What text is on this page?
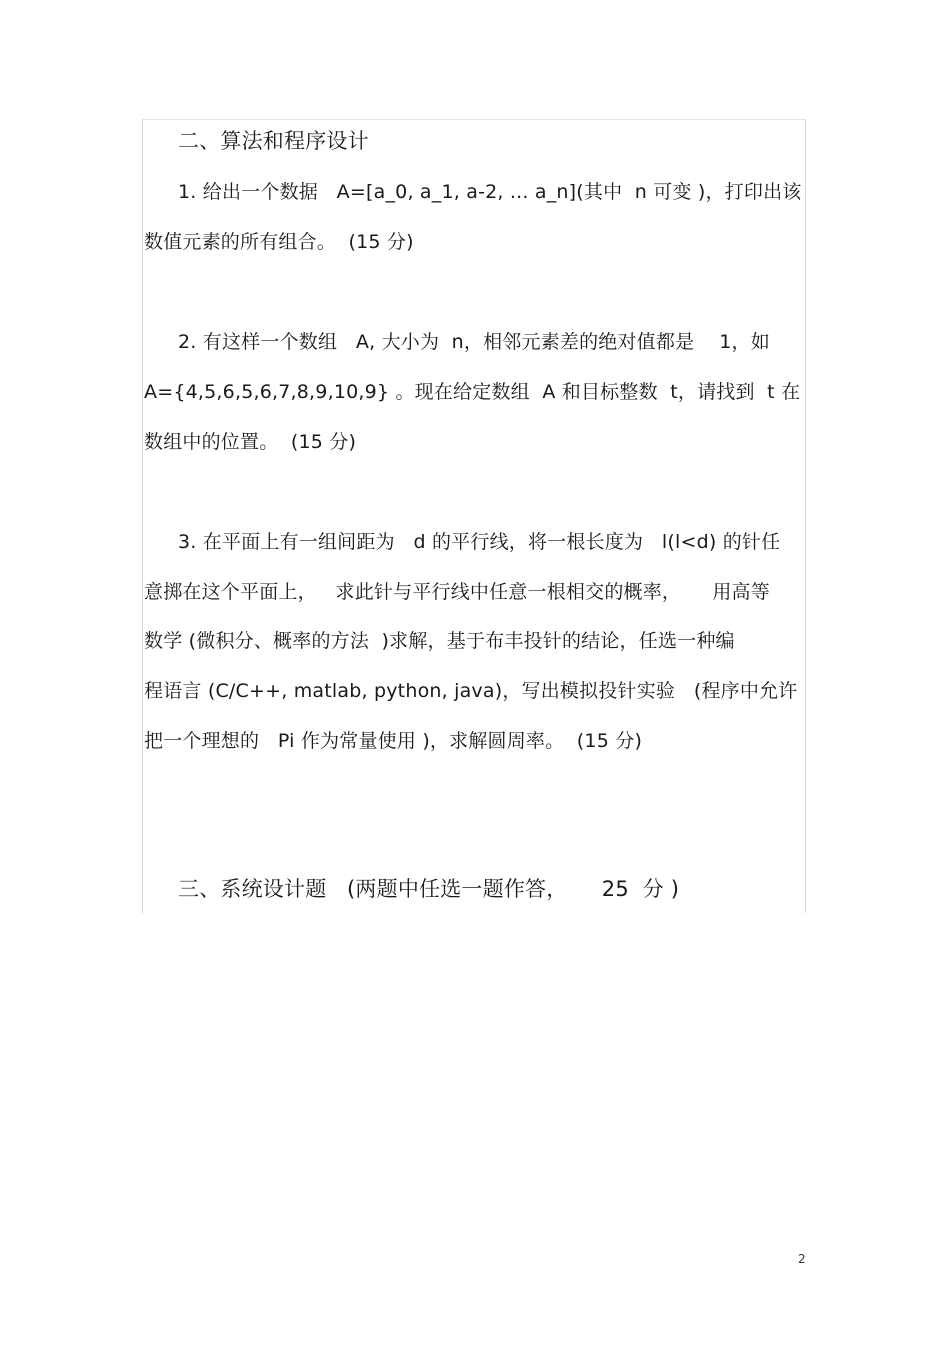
二、算法和程序设计
1. 给出一个数据   A=[a_0, a_1, a-2, ... a_n](其中  n 可变 )，打印出该
数值元素的所有组合。  (15 分)
2. 有这样一个数组   A, 大小为  n，相邻元素差的绝对值都是    1，如
A={4,5,6,5,6,7,8,9,10,9} 。现在给定数组  A 和目标整数  t，请找到  t 在
数组中的位置。  (15 分)
3. 在平面上有一组间距为   d 的平行线，将一根长度为   l(l<d) 的针任
意掷在这个平面上，   求此针与平行线中任意一根相交的概率，     用高等
数学 (微积分、概率的方法  )求解，基于布丰投针的结论，任选一种编
程语言 (C/C++, matlab, python, java)，写出模拟投针实验   (程序中允许
把一个理想的   Pi 作为常量使用 )，求解圆周率。  (15 分)
三、系统设计题   (两题中任选一题作答，     25  分 )
2
